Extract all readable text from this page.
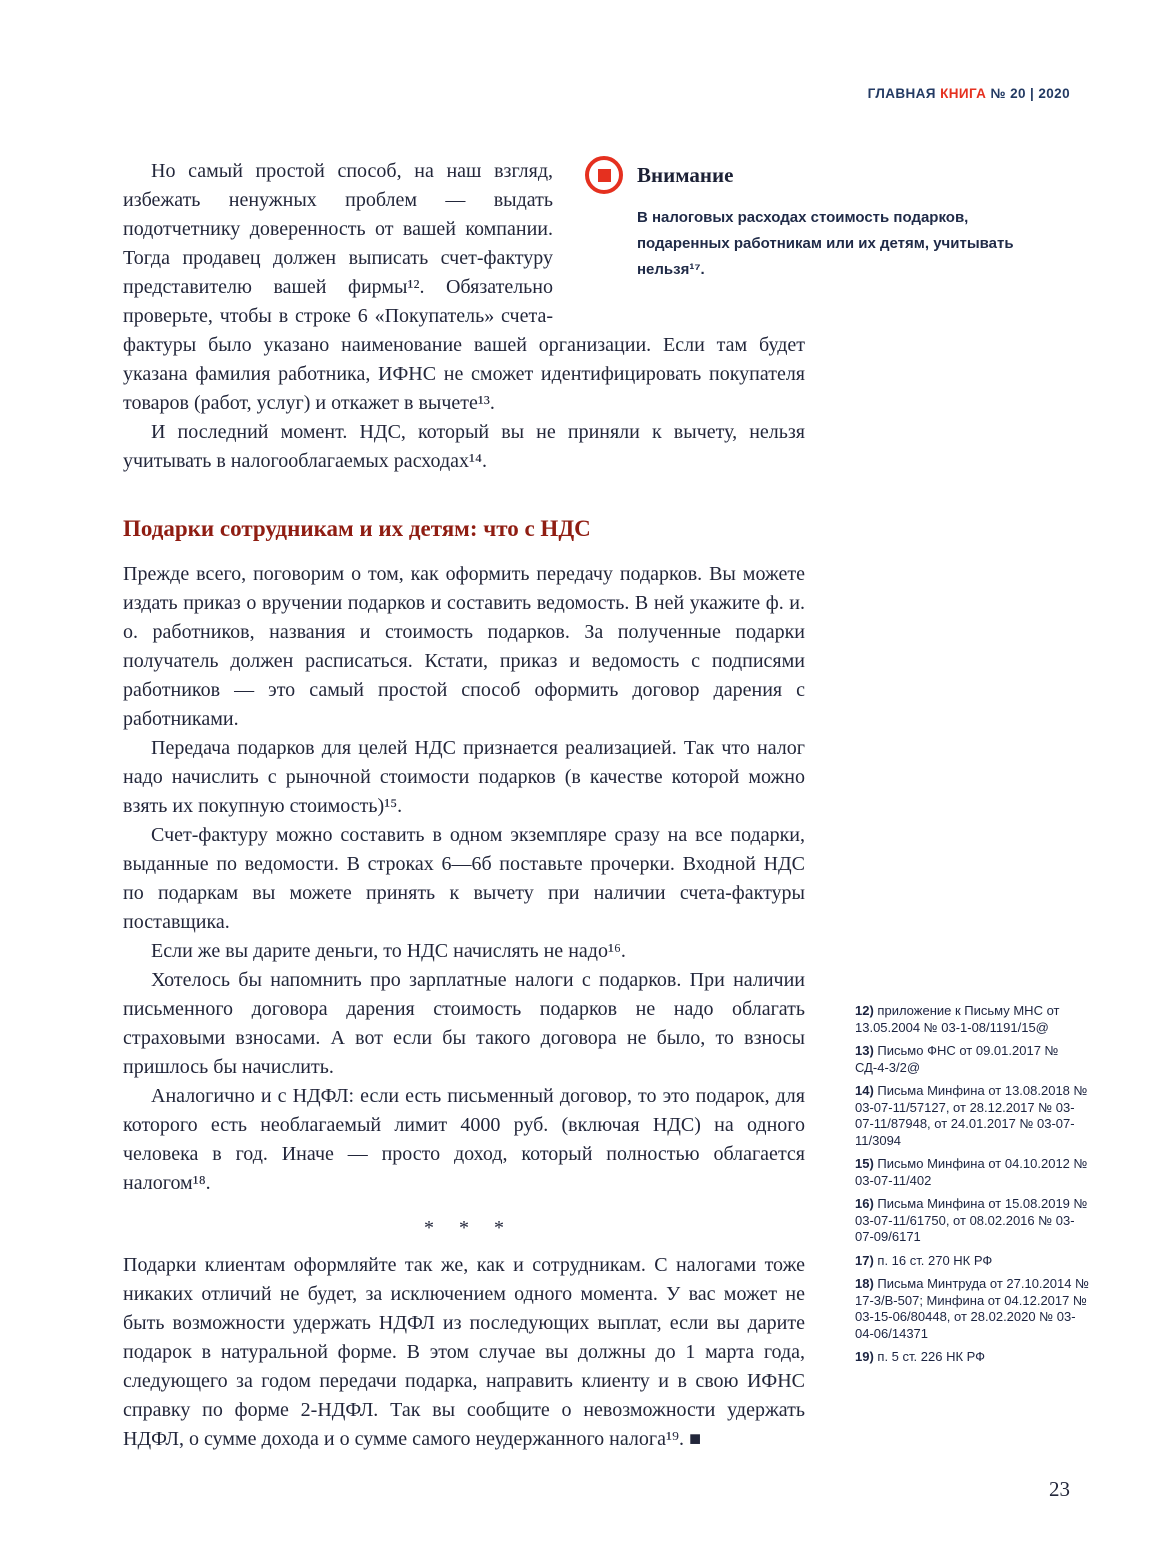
ГЛАВНАЯ КНИГА № 20 | 2020
Внимание
В налоговых расходах стоимость подарков, подаренных работникам или их детям, учитывать нельзя¹⁷.

Но самый простой способ, на наш взгляд, избежать ненужных проблем — выдать подотчетнику доверенность от вашей компании. Тогда продавец должен выписать счет-фактуру представителю вашей фирмы¹². Обязательно проверьте, чтобы в строке 6 «Покупатель» счета-фактуры было указано наименование вашей организации. Если там будет указана фамилия работника, ИФНС не сможет идентифицировать покупателя товаров (работ, услуг) и откажет в вычете¹³.

И последний момент. НДС, который вы не приняли к вычету, нельзя учитывать в налогооблагаемых расходах¹⁴.

Подарки сотрудникам и их детям: что с НДС

Прежде всего, поговорим о том, как оформить передачу подарков. Вы можете издать приказ о вручении подарков и составить ведомость. В ней укажите ф. и. о. работников, названия и стоимость подарков. За полученные подарки получатель должен расписаться. Кстати, приказ и ведомость с подписями работников — это самый простой способ оформить договор дарения с работниками.

Передача подарков для целей НДС признается реализацией. Так что налог надо начислить с рыночной стоимости подарков (в качестве которой можно взять их покупную стоимость)¹⁵.

Счет-фактуру можно составить в одном экземпляре сразу на все подарки, выданные по ведомости. В строках 6—6б поставьте прочерки. Входной НДС по подаркам вы можете принять к вычету при наличии счета-фактуры поставщика.

Если же вы дарите деньги, то НДС начислять не надо¹⁶.

Хотелось бы напомнить про зарплатные налоги с подарков. При наличии письменного договора дарения стоимость подарков не надо облагать страховыми взносами. А вот если бы такого договора не было, то взносы пришлось бы начислить.

Аналогично и с НДФЛ: если есть письменный договор, то это подарок, для которого есть необлагаемый лимит 4000 руб. (включая НДС) на одного человека в год. Иначе — просто доход, который полностью облагается налогом¹⁸.

* * *

Подарки клиентам оформляйте так же, как и сотрудникам. С налогами тоже никаких отличий не будет, за исключением одного момента. У вас может не быть возможности удержать НДФЛ из последующих выплат, если вы дарите подарок в натуральной форме. В этом случае вы должны до 1 марта года, следующего за годом передачи подарка, направить клиенту и в свою ИФНС справку по форме 2-НДФЛ. Так вы сообщите о невозможности удержать НДФЛ, о сумме дохода и о сумме самого неудержанного налога¹⁹. ■

12) приложение к Письму МНС от 13.05.2004 № 03-1-08/1191/15@
13) Письмо ФНС от 09.01.2017 № СД-4-3/2@
14) Письма Минфина от 13.08.2018 № 03-07-11/57127, от 28.12.2017 № 03-07-11/87948, от 24.01.2017 № 03-07-11/3094
15) Письмо Минфина от 04.10.2012 № 03-07-11/402
16) Письма Минфина от 15.08.2019 № 03-07-11/61750, от 08.02.2016 № 03-07-09/6171
17) п. 16 ст. 270 НК РФ
18) Письма Минтруда от 27.10.2014 № 17-3/В-507; Минфина от 04.12.2017 № 03-15-06/80448, от 28.02.2020 № 03-04-06/14371
19) п. 5 ст. 226 НК РФ
23
